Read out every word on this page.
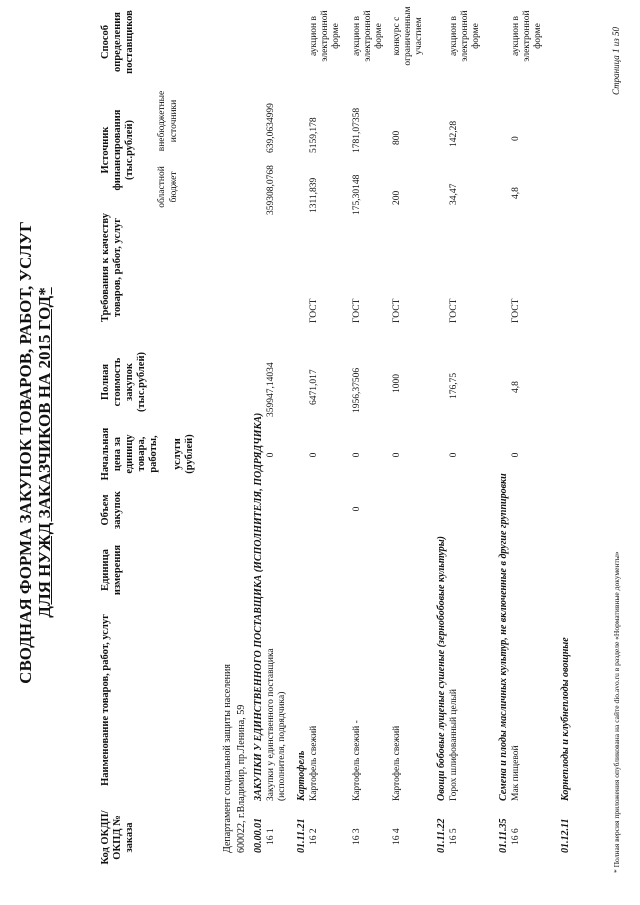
СВОДНАЯ ФОРМА ЗАКУПОК ТОВАРОВ, РАБОТ, УСЛУГ ДЛЯ НУЖД ЗАКАЗЧИКОВ НА 2015 ГОД*
Код ОКДП/ ОКПД № заказа
Наименование товаров, работ, услуг
Единица измерения
Объем закупок
Начальная цена за единицу товара, работы, услуги (рублей)
Полная стоимость закупок (тыс.рублей)
Требования к качеству товаров, работ, услуг
Источник финансирования (тыс.рублей)
областной бюджет
внебюджетные источники
Способ определения поставщиков
Департамент социальной защиты населения 600022, г.Владимир, пр.Ленина, 59 00.00.01
ЗАКУПКИ У ЕДИНСТВЕННОГО ПОСТАВЩИКА (ИСПОЛНИТЕЛЯ, ПОДРЯДЧИКА)
16 1
Закупки у единственного поставщика (исполнителя, подрядчика)
0
359947,14034
359308,0768
639,0634999
01.11.21
Картофель
16 2
Картофель свежий
0
6471,017
ГОСТ
1311,839
5159,178
аукцион в электронной форме
16 3
Картофель свежий -
0
0
1956,37506
ГОСТ
175,30148
1781,07358
аукцион в электронной форме
16 4
Картофель свежий
0
1000
ГОСТ
200
800
конкурс с ограниченным участием
01.11.22
Овощи бобовые лущеные сушеные (зернобобовые культуры)
16 5
Горох шлифованный целый
0
176,75
ГОСТ
34,47
142,28
аукцион в электронной форме
01.11.35
Семена и плоды масличных культур, не включенные в другие группировки
16 6
Мак пищевой
0
4,8
ГОСТ
4,8
0
аукцион в электронной форме
01.12.11
Корнеплоды и клубнеплоды овощные	* Полная версия приложения опубликована на сайте dio.avo.ru в разделе «Нормативные документы»
Страница 1 из 50
